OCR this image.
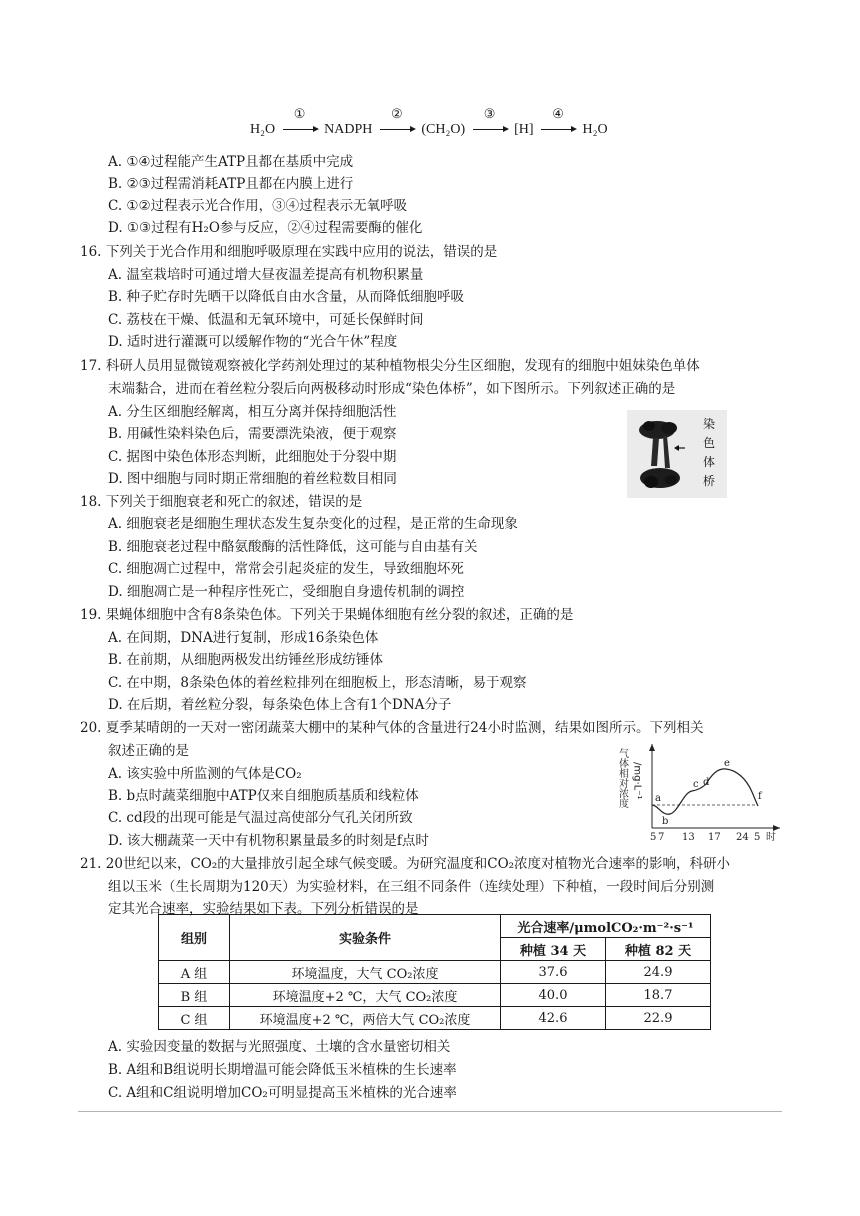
H₂O
①
NADPH
②
(CH₂O)
③
[H]
④
H₂O
A. ①④过程能产生ATP且都在基质中完成
B. ②③过程需消耗ATP且都在内膜上进行
C. ①②过程表示光合作用，③④过程表示无氧呼吸
D. ①③过程有H₂O参与反应，②④过程需要酶的催化
16. 下列关于光合作用和细胞呼吸原理在实践中应用的说法，错误的是
A. 温室栽培时可通过增大昼夜温差提高有机物积累量
B. 种子贮存时先晒干以降低自由水含量，从而降低细胞呼吸
C. 荔枝在干燥、低温和无氧环境中，可延长保鲜时间
D. 适时进行灌溉可以缓解作物的“光合午休”程度
17. 科研人员用显微镜观察被化学药剂处理过的某种植物根尖分生区细胞，发现有的细胞中姐妹染色单体
末端黏合，进而在着丝粒分裂后向两极移动时形成“染色体桥”，如下图所示。下列叙述正确的是
A. 分生区细胞经解离，相互分离并保持细胞活性
B. 用碱性染料染色后，需要漂洗染液，便于观察
C. 据图中染色体形态判断，此细胞处于分裂中期
D. 图中细胞与同时期正常细胞的着丝粒数目相同
染
色
体
桥
18. 下列关于细胞衰老和死亡的叙述，错误的是
A. 细胞衰老是细胞生理状态发生复杂变化的过程，是正常的生命现象
B. 细胞衰老过程中酪氨酸酶的活性降低，这可能与自由基有关
C. 细胞凋亡过程中，常常会引起炎症的发生，导致细胞坏死
D. 细胞凋亡是一种程序性死亡，受细胞自身遗传机制的调控
19. 果蝇体细胞中含有8条染色体。下列关于果蝇体细胞有丝分裂的叙述，正确的是
A. 在间期，DNA进行复制，形成16条染色体
B. 在前期，从细胞两极发出纺锤丝形成纺锤体
C. 在中期，8条染色体的着丝粒排列在细胞板上，形态清晰，易于观察
D. 在后期，着丝粒分裂，每条染色体上含有1个DNA分子
20. 夏季某晴朗的一天对一密闭蔬菜大棚中的某种气体的含量进行24小时监测，结果如图所示。下列相关
叙述正确的是
A. 该实验中所监测的气体是CO₂
B. b点时蔬菜细胞中ATP仅来自细胞质基质和线粒体
C. cd段的出现可能是气温过高使部分气孔关闭所致
D. 该大棚蔬菜一天中有机物积累量最多的时刻是f点时
气体相对浓度 /mg·L⁻¹ a
b
c d
e
f
5 7 13 17 24 5 时
21. 20世纪以来，CO₂的大量排放引起全球气候变暖。为研究温度和CO₂浓度对植物光合速率的影响，科研小
组以玉米（生长周期为120天）为实验材料，在三组不同条件（连续处理）下种植，一段时间后分别测
定其光合速率，实验结果如下表。下列分析错误的是
组别	实验条件	光合速率/μmolCO₂·m⁻²·s⁻¹	
		种植 34 天	种植 82 天
A 组	环境温度，大气 CO₂浓度	37.6	24.9
B 组	环境温度+2 ℃，大气 CO₂浓度	40.0	18.7
C 组	环境温度+2 ℃，两倍大气 CO₂浓度	42.6	22.9
A. 实验因变量的数据与光照强度、土壤的含水量密切相关
B. A组和B组说明长期增温可能会降低玉米植株的生长速率
C. A组和C组说明增加CO₂可明显提高玉米植株的光合速率
